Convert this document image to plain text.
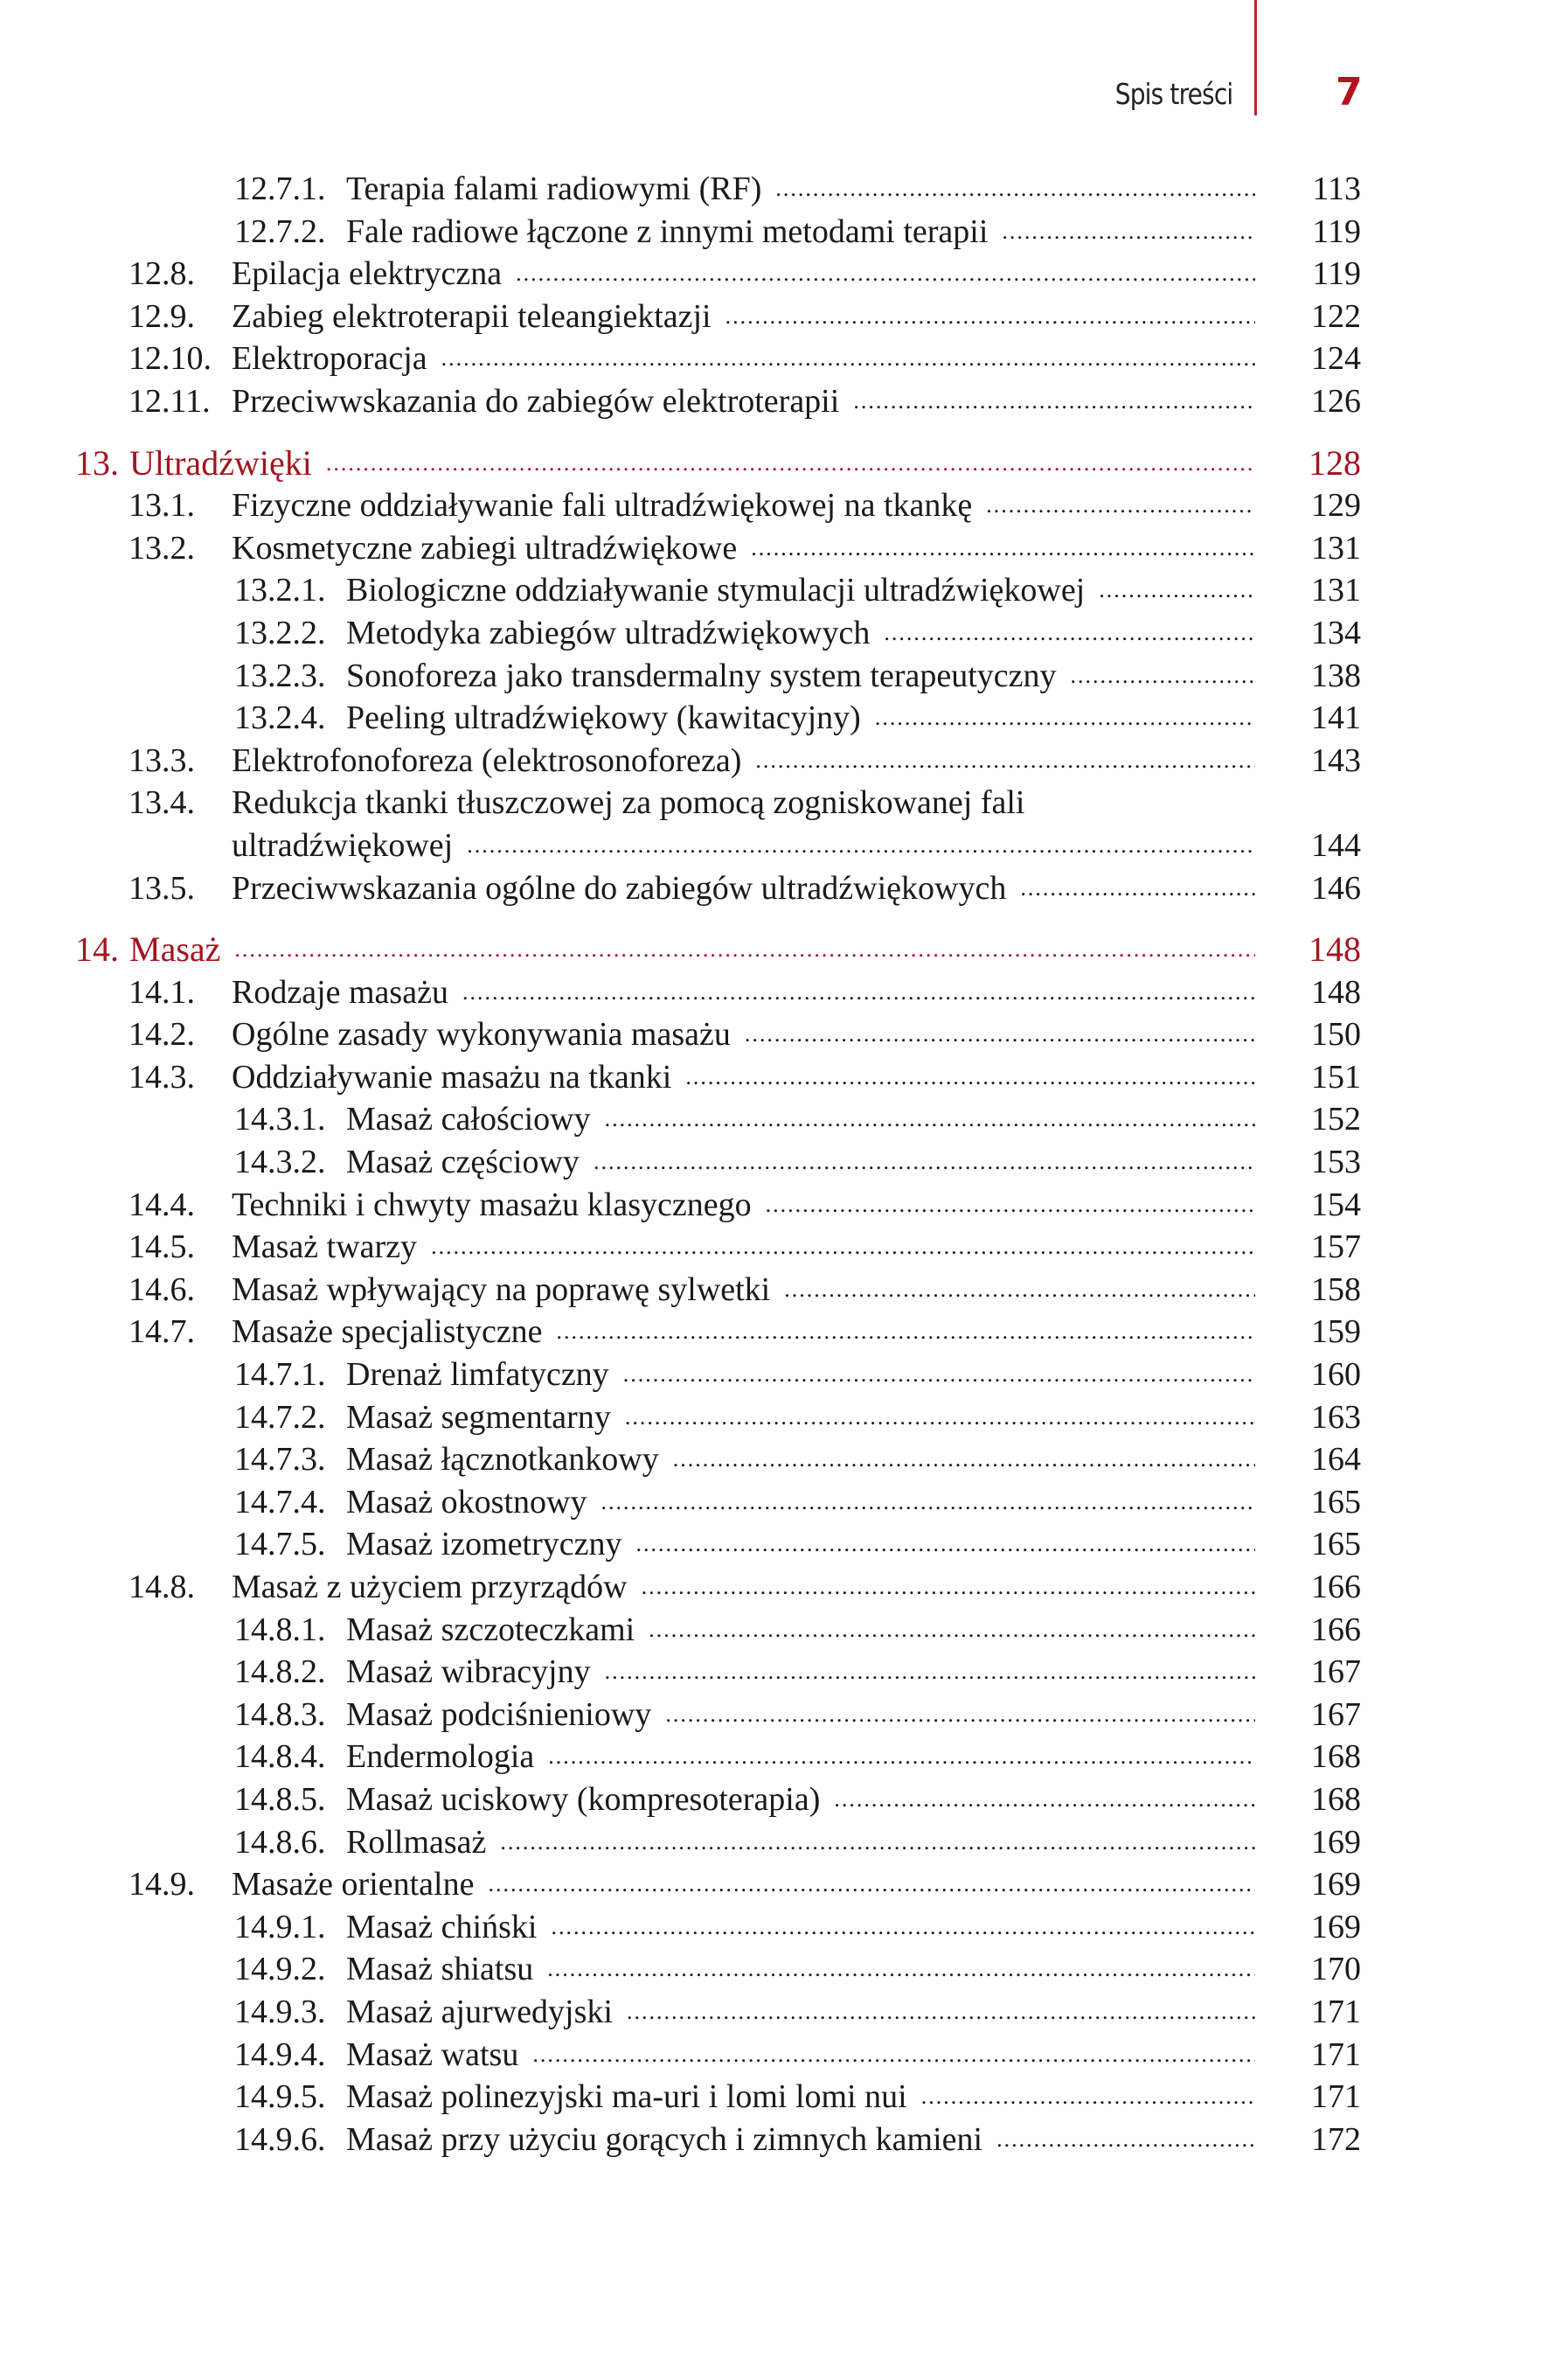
Spis treści	7
12.7.1. Terapia falami radiowymi (RF) .....	113
12.7.2. Fale radiowe łączone z innymi metodami terapii .....	119
12.8. Epilacja elektryczna .....	119
12.9. Zabieg elektroterapii teleangiektazji .....	122
12.10. Elektroporacja .....	124
12.11. Przeciwwskazania do zabiegów elektroterapii .....	126
13. Ultradźwięki .....	128
13.1. Fizyczne oddziaływanie fali ultradźwiękowej na tkankę .....	129
13.2. Kosmetyczne zabiegi ultradźwiękowe .....	131
13.2.1. Biologiczne oddziaływanie stymulacji ultradźwiękowej .....	131
13.2.2. Metodyka zabiegów ultradźwiękowych .....	134
13.2.3. Sonoforeza jako transdermalny system terapeutyczny .....	138
13.2.4. Peeling ultradźwiękowy (kawitacyjny) .....	141
13.3. Elektrofonoforeza (elektrosonoforeza) .....	143
13.4. Redukcja tkanki tłuszczowej za pomocą zogniskowanej fali
ultradźwiękowej .....	144
13.5. Przeciwwskazania ogólne do zabiegów ultradźwiękowych .....	146
14. Masaż .....	148
14.1. Rodzaje masażu .....	148
14.2. Ogólne zasady wykonywania masażu .....	150
14.3. Oddziaływanie masażu na tkanki .....	151
14.3.1. Masaż całościowy .....	152
14.3.2. Masaż częściowy .....	153
14.4. Techniki i chwyty masażu klasycznego .....	154
14.5. Masaż twarzy .....	157
14.6. Masaż wpływający na poprawę sylwetki .....	158
14.7. Masaże specjalistyczne .....	159
14.7.1. Drenaż limfatyczny .....	160
14.7.2. Masaż segmentarny .....	163
14.7.3. Masaż łącznotkankowy .....	164
14.7.4. Masaż okostnowy .....	165
14.7.5. Masaż izometryczny .....	165
14.8. Masaż z użyciem przyrządów .....	166
14.8.1. Masaż szczoteczkami .....	166
14.8.2. Masaż wibracyjny .....	167
14.8.3. Masaż podciśnieniowy .....	167
14.8.4. Endermologia .....	168
14.8.5. Masaż uciskowy (kompresoterapia) .....	168
14.8.6. Rollmasaż .....	169
14.9. Masaże orientalne .....	169
14.9.1. Masaż chiński .....	169
14.9.2. Masaż shiatsu .....	170
14.9.3. Masaż ajurwedyjski .....	171
14.9.4. Masaż watsu .....	171
14.9.5. Masaż polinezyjski ma-uri i lomi lomi nui .....	171
14.9.6. Masaż przy użyciu gorących i zimnych kamieni .....	172
